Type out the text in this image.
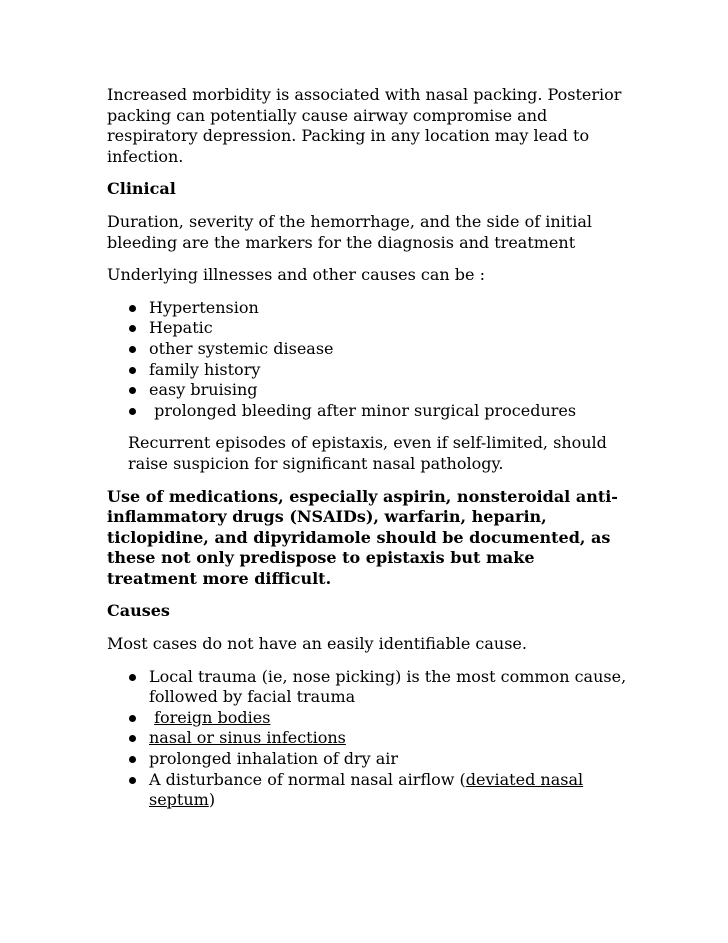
Increased morbidity is associated with nasal packing. Posterior packing can potentially cause airway compromise and respiratory depression. Packing in any location may lead to infection.

Clinical

Duration, severity of the hemorrhage, and the side of initial bleeding are the markers for the diagnosis and treatment

Underlying illnesses and other causes can be :

Hypertension
Hepatic
other systemic disease
family history
easy bruising
prolonged bleeding after minor surgical procedures

Recurrent episodes of epistaxis, even if self-limited, should raise suspicion for significant nasal pathology.

Use of medications, especially aspirin, nonsteroidal anti-inflammatory drugs (NSAIDs), warfarin, heparin, ticlopidine, and dipyridamole should be documented, as these not only predispose to epistaxis but make treatment more difficult.

Causes

Most cases do not have an easily identifiable cause.

Local trauma (ie, nose picking) is the most common cause, followed by facial trauma
foreign bodies
nasal or sinus infections
prolonged inhalation of dry air
A disturbance of normal nasal airflow (deviated nasal septum)
